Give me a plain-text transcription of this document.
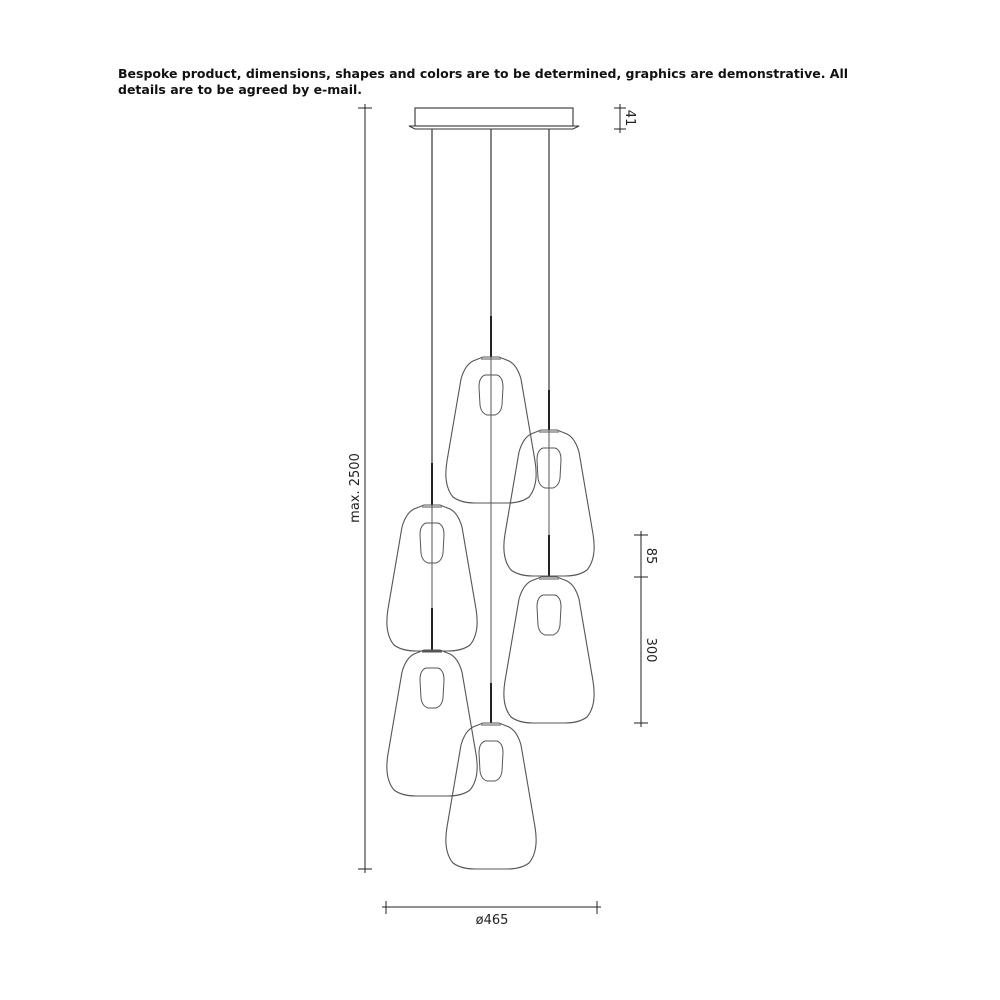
Bespoke product, dimensions, shapes and colors are to be determined, graphics are demonstrative. All
details are to be agreed by e-mail.
41
max. 2500
85
300
ø465
